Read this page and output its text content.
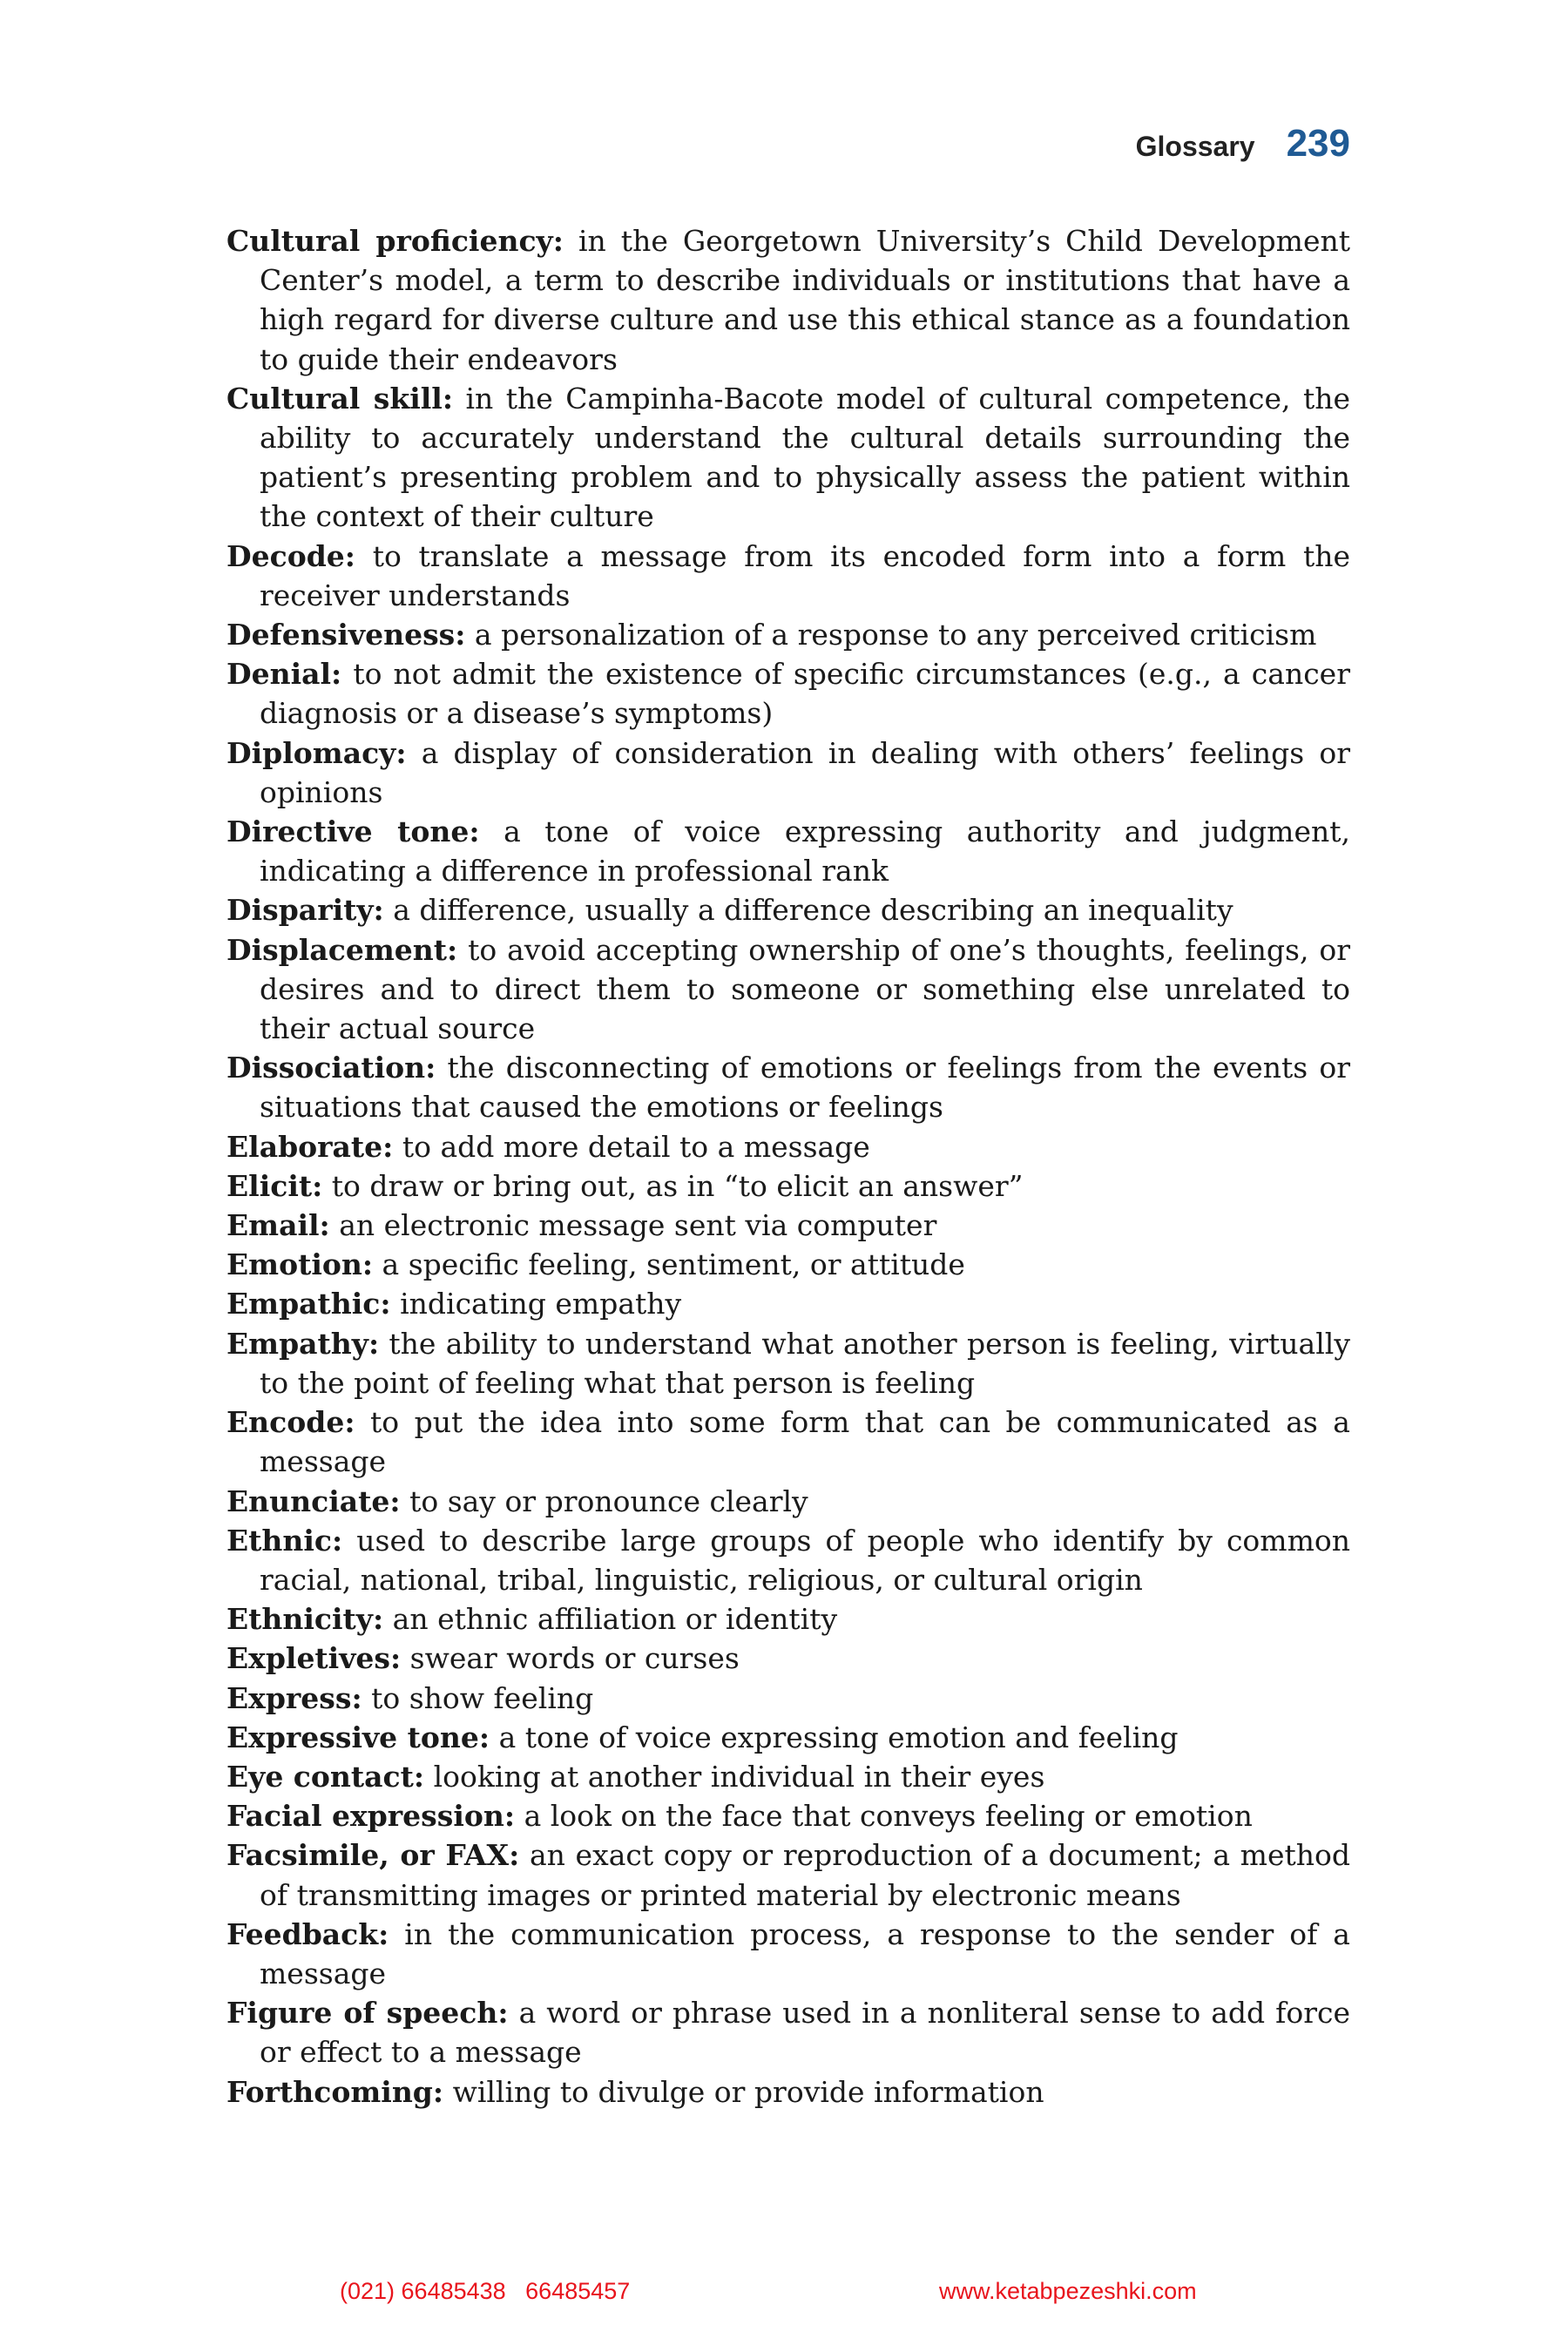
Glossary 239
Cultural proficiency: in the Georgetown University’s Child Development Center’s model, a term to describe individuals or institutions that have a high regard for diverse culture and use this ethical stance as a foundation to guide their endeavors
Cultural skill: in the Campinha-Bacote model of cultural competence, the ability to accurately understand the cultural details surrounding the patient’s presenting problem and to physically assess the patient within the context of their culture
Decode: to translate a message from its encoded form into a form the receiver understands
Defensiveness: a personalization of a response to any perceived criticism
Denial: to not admit the existence of specific circumstances (e.g., a cancer diagnosis or a disease’s symptoms)
Diplomacy: a display of consideration in dealing with others’ feelings or opinions
Directive tone: a tone of voice expressing authority and judgment, indicating a difference in professional rank
Disparity: a difference, usually a difference describing an inequality
Displacement: to avoid accepting ownership of one’s thoughts, feelings, or desires and to direct them to someone or something else unrelated to their actual source
Dissociation: the disconnecting of emotions or feelings from the events or situations that caused the emotions or feelings
Elaborate: to add more detail to a message
Elicit: to draw or bring out, as in “to elicit an answer”
Email: an electronic message sent via computer
Emotion: a specific feeling, sentiment, or attitude
Empathic: indicating empathy
Empathy: the ability to understand what another person is feeling, virtually to the point of feeling what that person is feeling
Encode: to put the idea into some form that can be communicated as a message
Enunciate: to say or pronounce clearly
Ethnic: used to describe large groups of people who identify by common racial, national, tribal, linguistic, religious, or cultural origin
Ethnicity: an ethnic affiliation or identity
Expletives: swear words or curses
Express: to show feeling
Expressive tone: a tone of voice expressing emotion and feeling
Eye contact: looking at another individual in their eyes
Facial expression: a look on the face that conveys feeling or emotion
Facsimile, or FAX: an exact copy or reproduction of a document; a method of transmitting images or printed material by electronic means
Feedback: in the communication process, a response to the sender of a message
Figure of speech: a word or phrase used in a nonliteral sense to add force or effect to a message
Forthcoming: willing to divulge or provide information
(021) 66485438   66485457	www.ketabpezeshki.com
